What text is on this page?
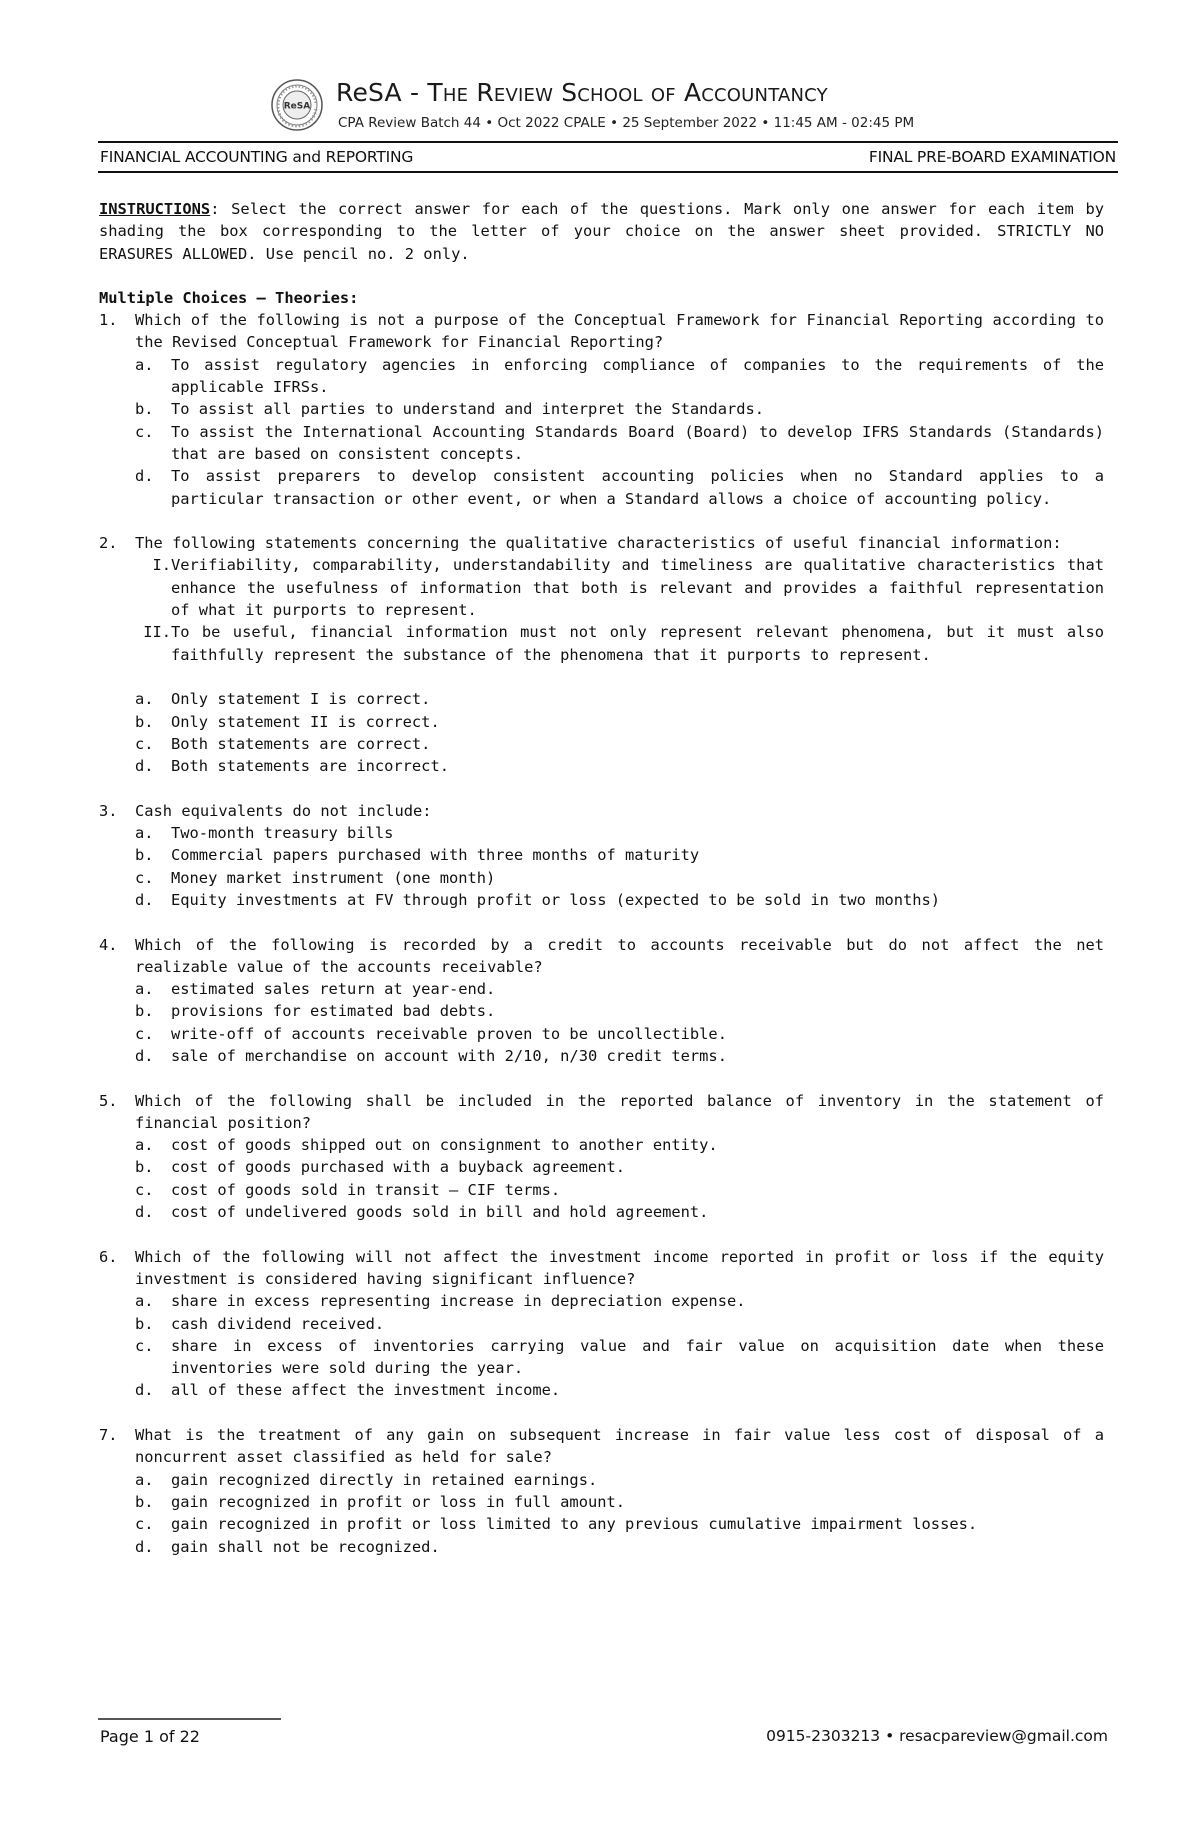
ReSA ReSA - The Review School of Accountancy
CPA Review Batch 44 • Oct 2022 CPALE • 25 September 2022 • 11:45 AM - 02:45 PM
FINANCIAL ACCOUNTING and REPORTING	FINAL PRE-BOARD EXAMINATION

INSTRUCTIONS: Select the correct answer for each of the questions. Mark only one answer for each item by shading the box corresponding to the letter of your choice on the answer sheet provided. STRICTLY NO ERASURES ALLOWED. Use pencil no. 2 only.

Multiple Choices – Theories:

1. Which of the following is not a purpose of the Conceptual Framework for Financial Reporting according to the Revised Conceptual Framework for Financial Reporting?
a. To assist regulatory agencies in enforcing compliance of companies to the requirements of the applicable IFRSs.
b. To assist all parties to understand and interpret the Standards.
c. To assist the International Accounting Standards Board (Board) to develop IFRS Standards (Standards) that are based on consistent concepts.
d. To assist preparers to develop consistent accounting policies when no Standard applies to a particular transaction or other event, or when a Standard allows a choice of accounting policy.
2. The following statements concerning the qualitative characteristics of useful financial information:
I. Verifiability, comparability, understandability and timeliness are qualitative characteristics that enhance the usefulness of information that both is relevant and provides a faithful representation of what it purports to represent.
II. To be useful, financial information must not only represent relevant phenomena, but it must also faithfully represent the substance of the phenomena that it purports to represent.
a. Only statement I is correct.
b. Only statement II is correct.
c. Both statements are correct.
d. Both statements are incorrect.
3. Cash equivalents do not include:
a. Two-month treasury bills
b. Commercial papers purchased with three months of maturity
c. Money market instrument (one month)
d. Equity investments at FV through profit or loss (expected to be sold in two months)
4. Which of the following is recorded by a credit to accounts receivable but do not affect the net realizable value of the accounts receivable?
a. estimated sales return at year-end.
b. provisions for estimated bad debts.
c. write-off of accounts receivable proven to be uncollectible.
d. sale of merchandise on account with 2/10, n/30 credit terms.
5. Which of the following shall be included in the reported balance of inventory in the statement of financial position?
a. cost of goods shipped out on consignment to another entity.
b. cost of goods purchased with a buyback agreement.
c. cost of goods sold in transit – CIF terms.
d. cost of undelivered goods sold in bill and hold agreement.
6. Which of the following will not affect the investment income reported in profit or loss if the equity investment is considered having significant influence?
a. share in excess representing increase in depreciation expense.
b. cash dividend received.
c. share in excess of inventories carrying value and fair value on acquisition date when these inventories were sold during the year.
d. all of these affect the investment income.
7. What is the treatment of any gain on subsequent increase in fair value less cost of disposal of a noncurrent asset classified as held for sale?
a. gain recognized directly in retained earnings.
b. gain recognized in profit or loss in full amount.
c. gain recognized in profit or loss limited to any previous cumulative impairment losses.
d. gain shall not be recognized.
Page 1 of 22	0915-2303213 • resacpareview@gmail.com
